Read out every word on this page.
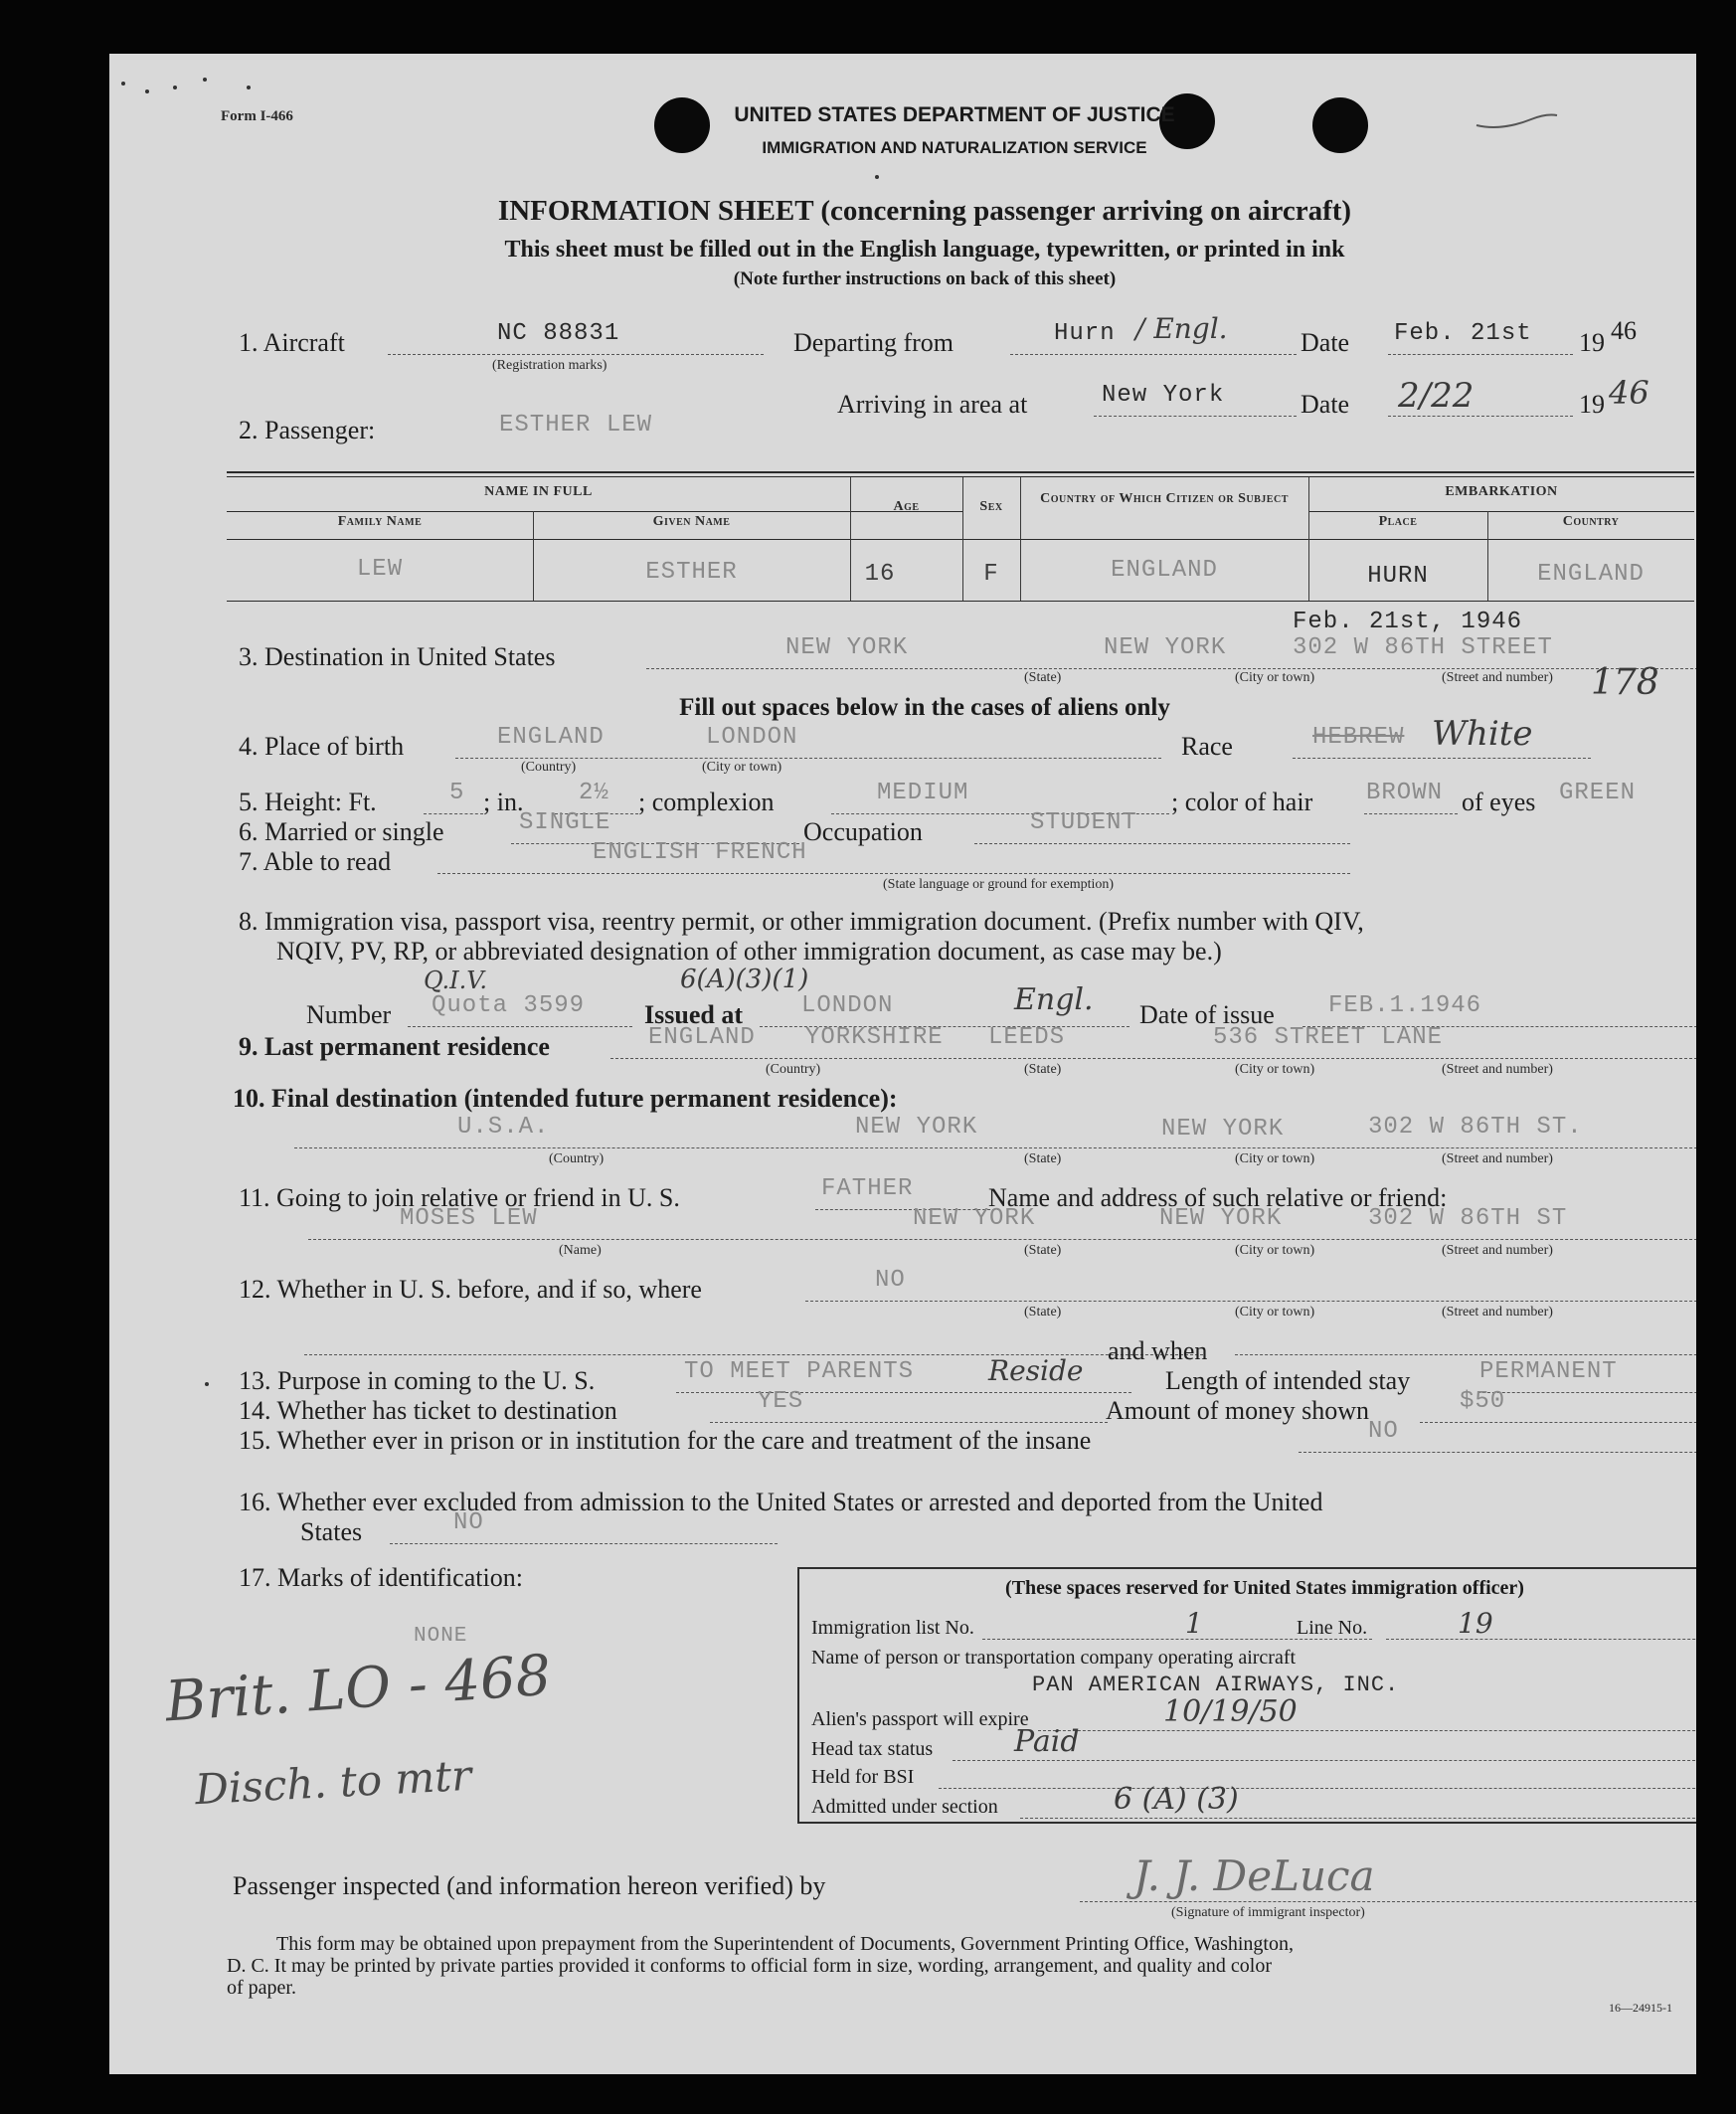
Form I-466	UNITED STATES DEPARTMENT OF JUSTICE
IMMIGRATION AND NATURALIZATION SERVICE
INFORMATION SHEET (concerning passenger arriving on aircraft)
This sheet must be filled out in the English language, typewritten, or printed in ink
(Note further instructions on back of this sheet)
1. Aircraft	NC 88831
(Registration marks)
Departing from	Hurn / Engl.	Date Feb. 21st 19 46
Arriving in area at	New York	Date 2/22	19 46
2. Passenger:	ESTHER LEW
NAME IN FULL
Family Name	Given Name
Age	Sex
Country of Which Citizen or Subject	EMBARKATION
Place	Country
LEW	ESTHER	16	F	ENGLAND	HURN	ENGLAND
Feb. 21st, 1946
3. Destination in United States	NEW YORK	NEW YORK	302 W 86TH STREET
178
(State)	(City or town)	(Street and number)
Fill out spaces below in the cases of aliens only
4. Place of birth	ENGLAND	LONDON
(Country)	(City or town)
Race	HEBREW White
5. Height: Ft.	5 ; in. 2½ ; complexion	MEDIUM	; color of hair BROWN of eyes GREEN
6. Married or single	SINGLE	Occupation	STUDENT
7. Able to read	ENGLISH FRENCH
(State language or ground for exemption)
8. Immigration visa, passport visa, reentry permit, or other immigration document. (Prefix number with QIV,
NQIV, PV, RP, or abbreviated designation of other immigration document, as case may be.)
Q.I.V.	6(A)(3)(1)
Number Quota 3599 Issued at LONDON	Engl. Date of issue FEB.1.1946
9. Last permanent residence	ENGLAND YORKSHIRE LEEDS	536 STREET LANE
(Country)	(State)	(City or town)	(Street and number)
10. Final destination (intended future permanent residence):
U.S.A.	NEW YORK	NEW YORK	302 W 86TH ST.
(Country)	(State)	(City or town)	(Street and number)
11. Going to join relative or friend in U. S.	FATHER	Name and address of such relative or friend:
MOSES LEW	NEW YORK	NEW YORK	302 W 86TH ST
(Name)	(State)	(City or town)	(Street and number)
12. Whether in U. S. before, and if so, where	NO
(State)	(City or town)	(Street and number)
and when
13. Purpose in coming to the U. S.	TO MEET PARENTS	Reside	Length of intended stay	PERMANENT
14. Whether has ticket to destination	YES	Amount of money shown	$50
15. Whether ever in prison or in institution for the care and treatment of the insane	NO
16. Whether ever excluded from admission to the United States or arrested and deported from the United
States	NO
17. Marks of identification:
NONE
Brit. LO - 468
Disch. to mtr
(These spaces reserved for United States immigration officer)
Immigration list No.	1	Line No.	19
Name of person or transportation company operating aircraft
PAN AMERICAN AIRWAYS, INC.
Alien's passport will expire	10/19/50
Head tax status	Paid
Held for BSI
Admitted under section	6 (A) (3)
Passenger inspected (and information hereon verified) by	J. J. DeLuca
(Signature of immigrant inspector)
This form may be obtained upon prepayment from the Superintendent of Documents, Government Printing Office, Washington,
D. C. It may be printed by private parties provided it conforms to official form in size, wording, arrangement, and quality and color
of paper.
16—24915-1
